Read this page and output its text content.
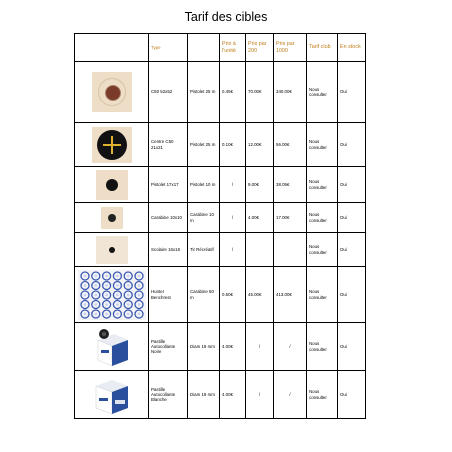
Tarif des cibles
	Type		Prix à l'unité	Prix par 200	Prix par 1000	Tarif club	En stock

	C50 52x52	Pistolet 25 m	0.45€	70.00€	340.00€	Nous consulter	Oui

	Centre C50 21x21	Pistolet 25 m	0.10€	12.00€	56.00€	Nous consulter	Oui

	Pistolet 17x17	Pistolet 10 m	/	9.00€	38.05€	Nous consulter	Oui

	Carabine 10x10	Carabine 10 m	/	4.00€	17.00€	Nous consulter	Oui

	Scolaire 16x16	Tir Récréatif	/			Nous consulter	Oui

	Hunter Benchrest	Carabine 50 m	0.50€	45.00€	413.00€	Nous consulter	Oui

	Pastille Autocollante Noire	Diam 19 mm	4.00€	/	/	Nous consulter	Oui

	Pastille Autocollante Blanche	Diam 19 mm	4.00€	/	/	Nous consulter	Oui
